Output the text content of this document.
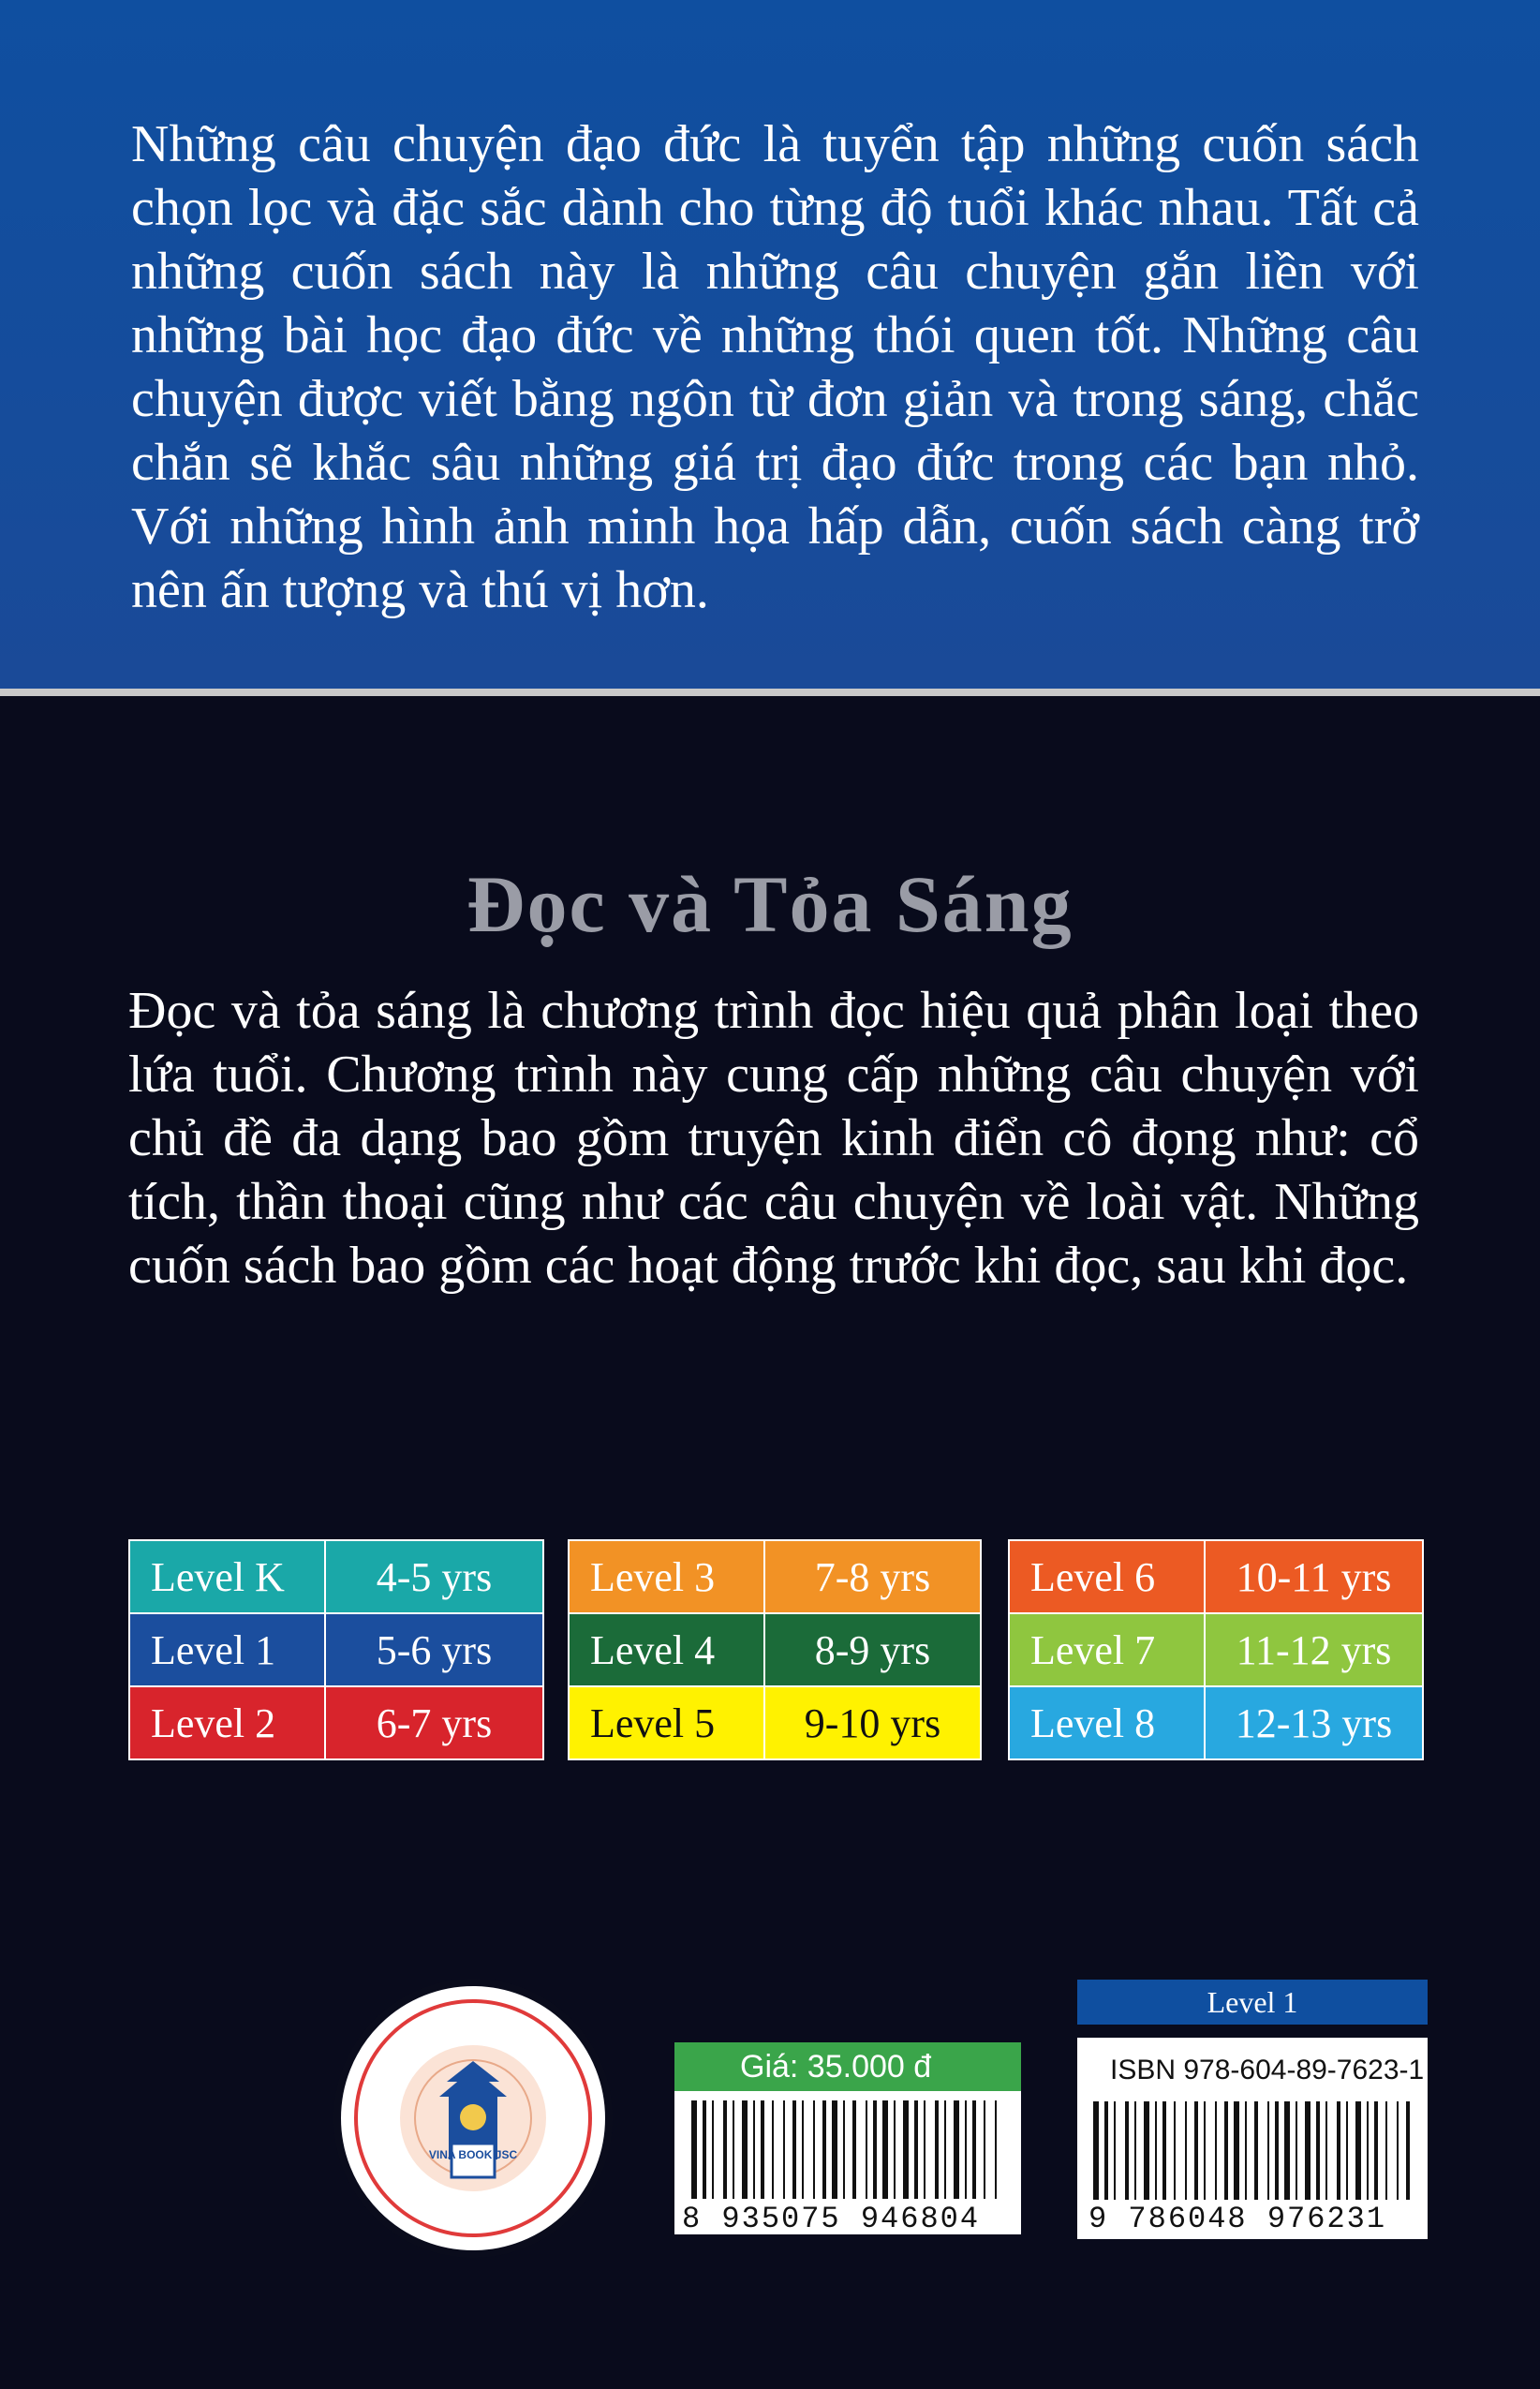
Những câu chuyện đạo đức là tuyển tập những cuốn sách chọn lọc và đặc sắc dành cho từng độ tuổi khác nhau. Tất cả những cuốn sách này là những câu chuyện gắn liền với những bài học đạo đức về những thói quen tốt. Những câu chuyện được viết bằng ngôn từ đơn giản và trong sáng, chắc chắn sẽ khắc sâu những giá trị đạo đức trong các bạn nhỏ. Với những hình ảnh minh họa hấp dẫn, cuốn sách càng trở nên ấn tượng và thú vị hơn.

Đọc và Tỏa Sáng

Đọc và tỏa sáng là chương trình đọc hiệu quả phân loại theo lứa tuổi. Chương trình này cung cấp những câu chuyện với chủ đề đa dạng bao gồm truyện kinh điển cô đọng như: cổ tích, thần thoại cũng như các câu chuyện về loài vật. Những cuốn sách bao gồm các hoạt động trước khi đọc, sau khi đọc.

Level K	4-5 yrs
Level 1	5-6 yrs
Level 2	6-7 yrs
Level 3	7-8 yrs
Level 4	8-9 yrs
Level 5	9-10 yrs
Level 6	10-11 yrs
Level 7	11-12 yrs
Level 8	12-13 yrs
VINA BOOK JSC
Giá: 35.000 đ
8 935075 946804
Level 1
ISBN 978-604-89-7623-1
9 786048 976231
